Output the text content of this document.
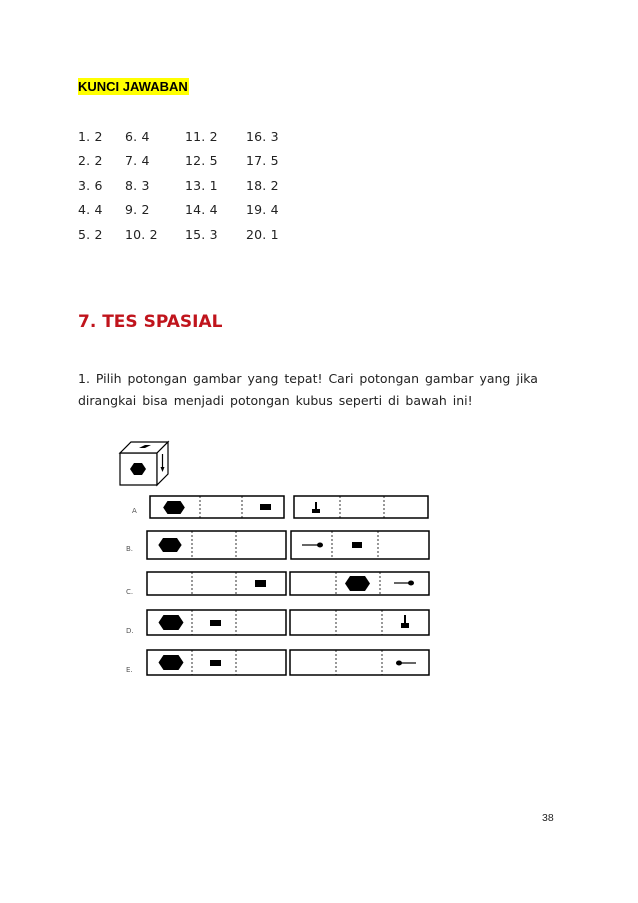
KUNCI JAWABAN
1. 2	6. 4	11. 2	16. 3
2. 2	7. 4	12. 5	17. 5
3. 6	8. 3	13. 1	18. 2
4. 4	9. 2	14. 4	19. 4
5. 2	10. 2	15. 3	20. 1
7. TES SPASIAL

1. Pilih potongan gambar yang tepat! Cari potongan gambar yang jika

dirangkai bisa menjadi potongan kubus seperti di bawah ini!

A
B.
C.
D.
E.
38
